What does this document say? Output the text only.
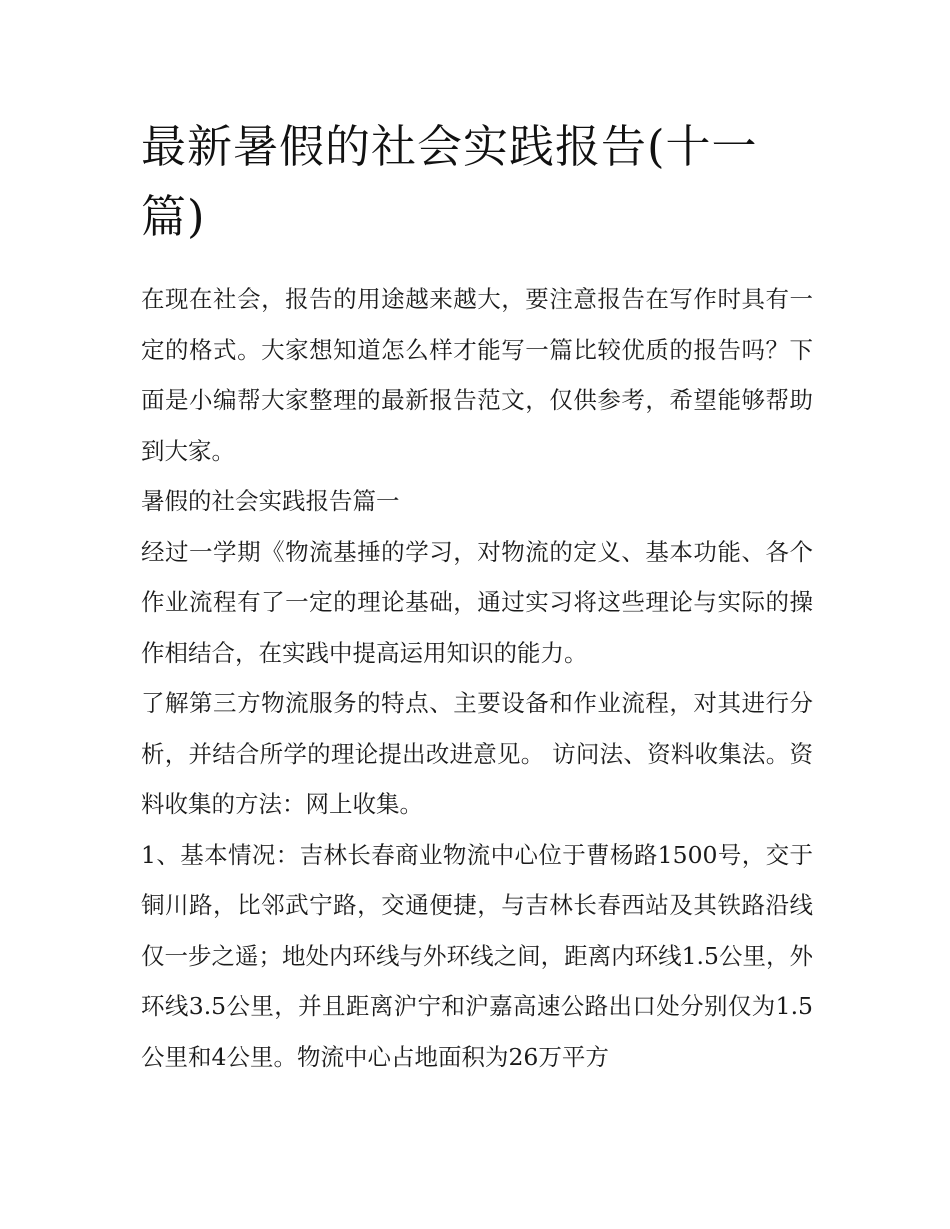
最新暑假的社会实践报告(十一篇)

在现在社会，报告的用途越来越大，要注意报告在写作时具有一定的格式。大家想知道怎么样才能写一篇比较优质的报告吗？下面是小编帮大家整理的最新报告范文，仅供参考，希望能够帮助到大家。

暑假的社会实践报告篇一

经过一学期《物流基捶的学习，对物流的定义、基本功能、各个作业流程有了一定的理论基础，通过实习将这些理论与实际的操作相结合，在实践中提高运用知识的能力。

了解第三方物流服务的特点、主要设备和作业流程，对其进行分析，并结合所学的理论提出改进意见。 访问法、资料收集法。资料收集的方法：网上收集。

1、基本情况：吉林长春商业物流中心位于曹杨路1500号，交于铜川路，比邻武宁路，交通便捷，与吉林长春西站及其铁路沿线仅一步之遥；地处内环线与外环线之间，距离内环线1.5公里，外环线3.5公里，并且距离沪宁和沪嘉高速公路出口处分别仅为1.5公里和4公里。物流中心占地面积为26万平方
